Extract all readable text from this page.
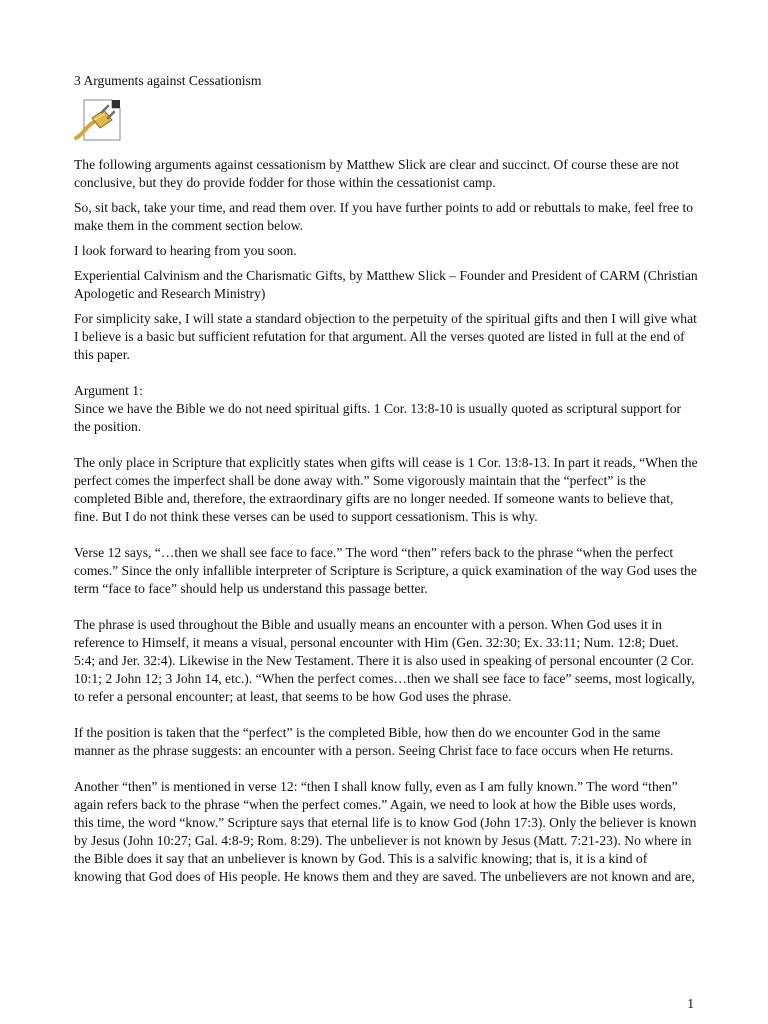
3 Arguments against Cessationism

The following arguments against cessationism by Matthew Slick are clear and succinct. Of course these are not conclusive, but they do provide fodder for those within the cessationist camp.

So, sit back, take your time, and read them over. If you have further points to add or rebuttals to make, feel free to make them in the comment section below.

I look forward to hearing from you soon.

Experiential Calvinism and the Charismatic Gifts, by Matthew Slick – Founder and President of CARM (Christian Apologetic and Research Ministry)

For simplicity sake, I will state a standard objection to the perpetuity of the spiritual gifts and then I will give what I believe is a basic but sufficient refutation for that argument. All the verses quoted are listed in full at the end of this paper.

Argument 1:

Since we have the Bible we do not need spiritual gifts. 1 Cor. 13:8-10 is usually quoted as scriptural support for the position.

The only place in Scripture that explicitly states when gifts will cease is 1 Cor. 13:8-13. In part it reads, “When the perfect comes the imperfect shall be done away with.” Some vigorously maintain that the “perfect” is the completed Bible and, therefore, the extraordinary gifts are no longer needed. If someone wants to believe that, fine. But I do not think these verses can be used to support cessationism. This is why.

Verse 12 says, “…then we shall see face to face.” The word “then” refers back to the phrase “when the perfect comes.” Since the only infallible interpreter of Scripture is Scripture, a quick examination of the way God uses the term “face to face” should help us understand this passage better.

The phrase is used throughout the Bible and usually means an encounter with a person. When God uses it in reference to Himself, it means a visual, personal encounter with Him (Gen. 32:30; Ex. 33:11; Num. 12:8; Duet. 5:4; and Jer. 32:4). Likewise in the New Testament. There it is also used in speaking of personal encounter (2 Cor. 10:1; 2 John 12; 3 John 14, etc.). “When the perfect comes…then we shall see face to face” seems, most logically, to refer a personal encounter; at least, that seems to be how God uses the phrase.

If the position is taken that the “perfect” is the completed Bible, how then do we encounter God in the same manner as the phrase suggests: an encounter with a person. Seeing Christ face to face occurs when He returns.

Another “then” is mentioned in verse 12: “then I shall know fully, even as I am fully known.” The word “then” again refers back to the phrase “when the perfect comes.” Again, we need to look at how the Bible uses words, this time, the word “know.” Scripture says that eternal life is to know God (John 17:3). Only the believer is known by Jesus (John 10:27; Gal. 4:8-9; Rom. 8:29). The unbeliever is not known by Jesus (Matt. 7:21-23). No where in the Bible does it say that an unbeliever is known by God. This is a salvific knowing; that is, it is a kind of knowing that God does of His people. He knows them and they are saved. The unbelievers are not known and are,

1
